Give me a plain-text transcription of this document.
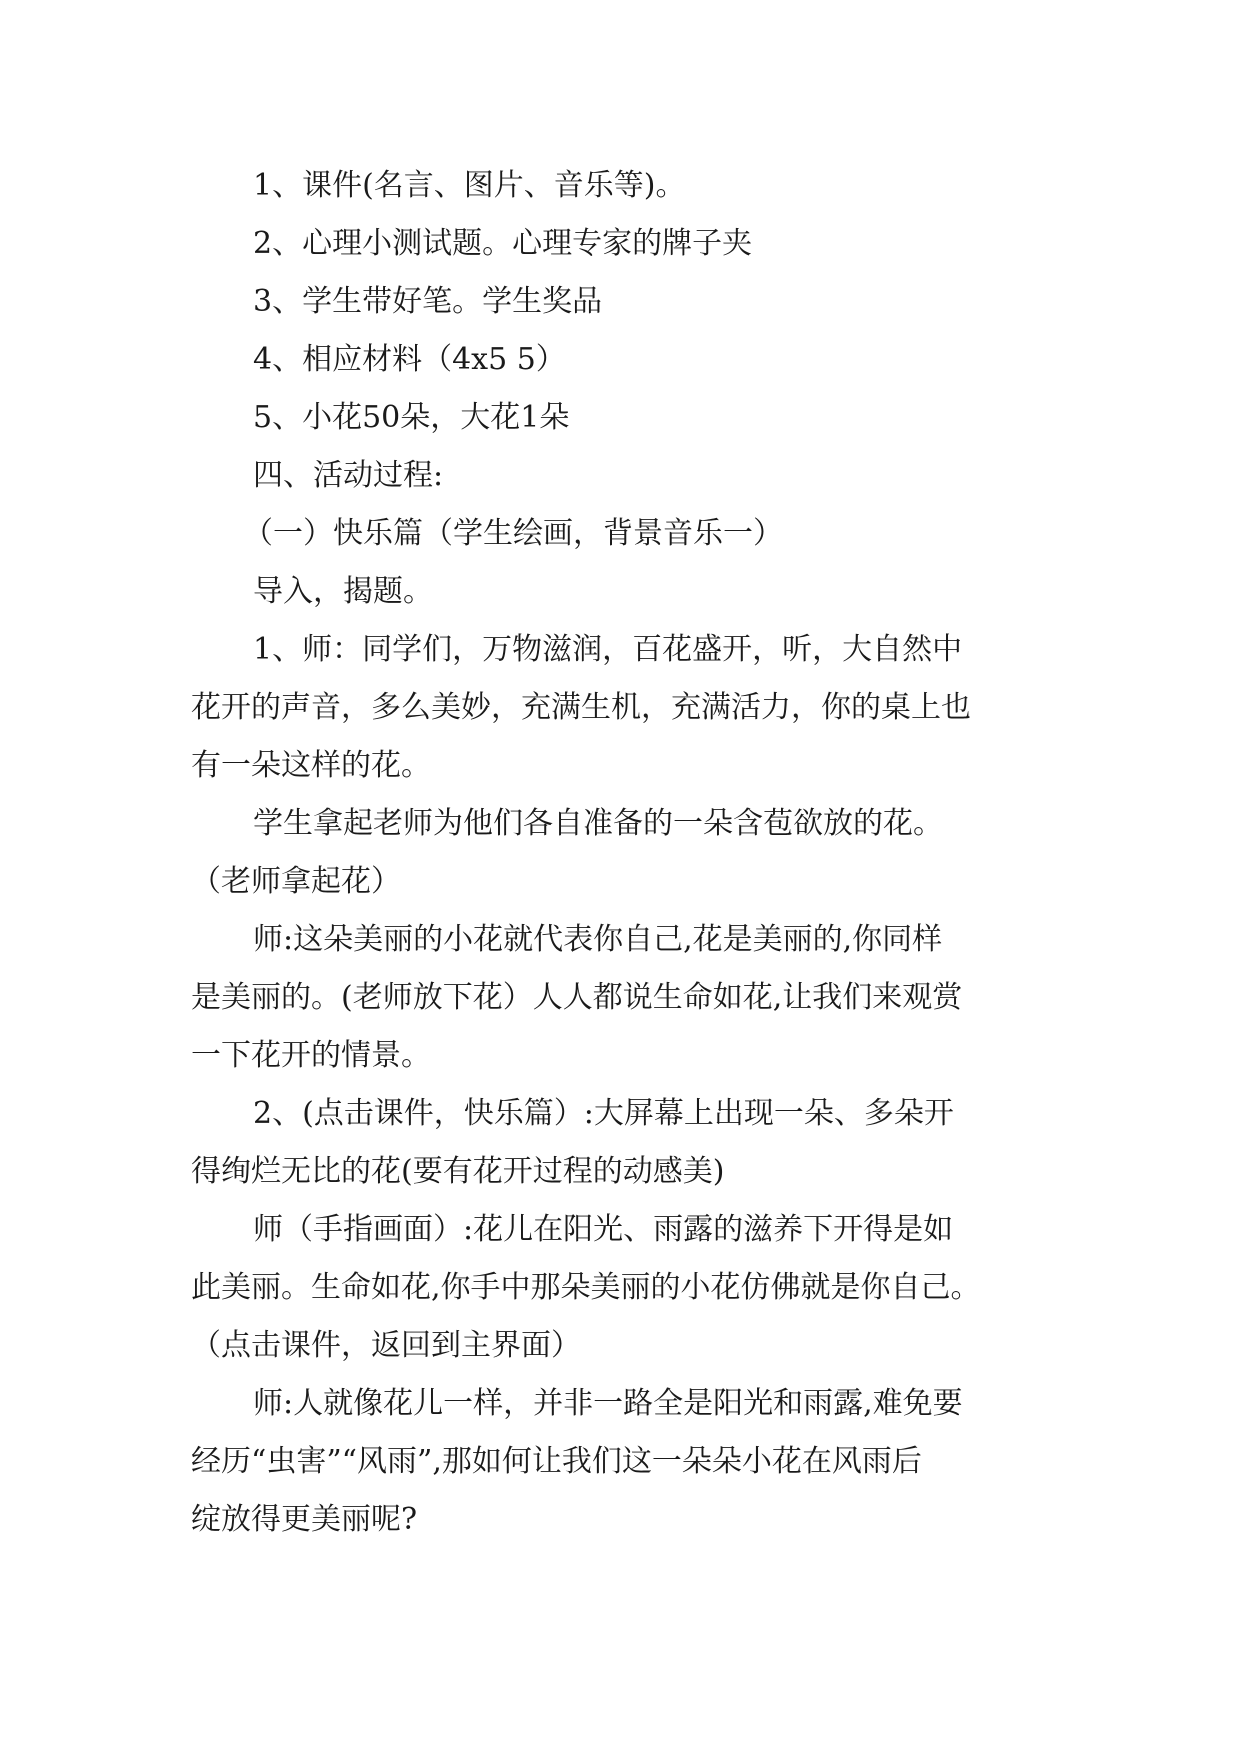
1、课件(名言、图片、音乐等)。
2、心理小测试题。心理专家的牌子夹
3、学生带好笔。学生奖品
4、相应材料（4x5 5）
5、小花50朵，大花1朵
四、活动过程:
（一）快乐篇（学生绘画，背景音乐一）
导入，揭题。
1、师：同学们，万物滋润，百花盛开，听，大自然中
花开的声音，多么美妙，充满生机，充满活力，你的桌上也
有一朵这样的花。
学生拿起老师为他们各自准备的一朵含苞欲放的花。
（老师拿起花）
师:这朵美丽的小花就代表你自己,花是美丽的,你同样
是美丽的。(老师放下花）人人都说生命如花,让我们来观赏
一下花开的情景。
2、(点击课件，快乐篇）:大屏幕上出现一朵、多朵开
得绚烂无比的花(要有花开过程的动感美)
师（手指画面）:花儿在阳光、雨露的滋养下开得是如
此美丽。生命如花,你手中那朵美丽的小花仿佛就是你自己。
（点击课件，返回到主界面）
师:人就像花儿一样，并非一路全是阳光和雨露,难免要
经历“虫害”“风雨”,那如何让我们这一朵朵小花在风雨后
绽放得更美丽呢?
